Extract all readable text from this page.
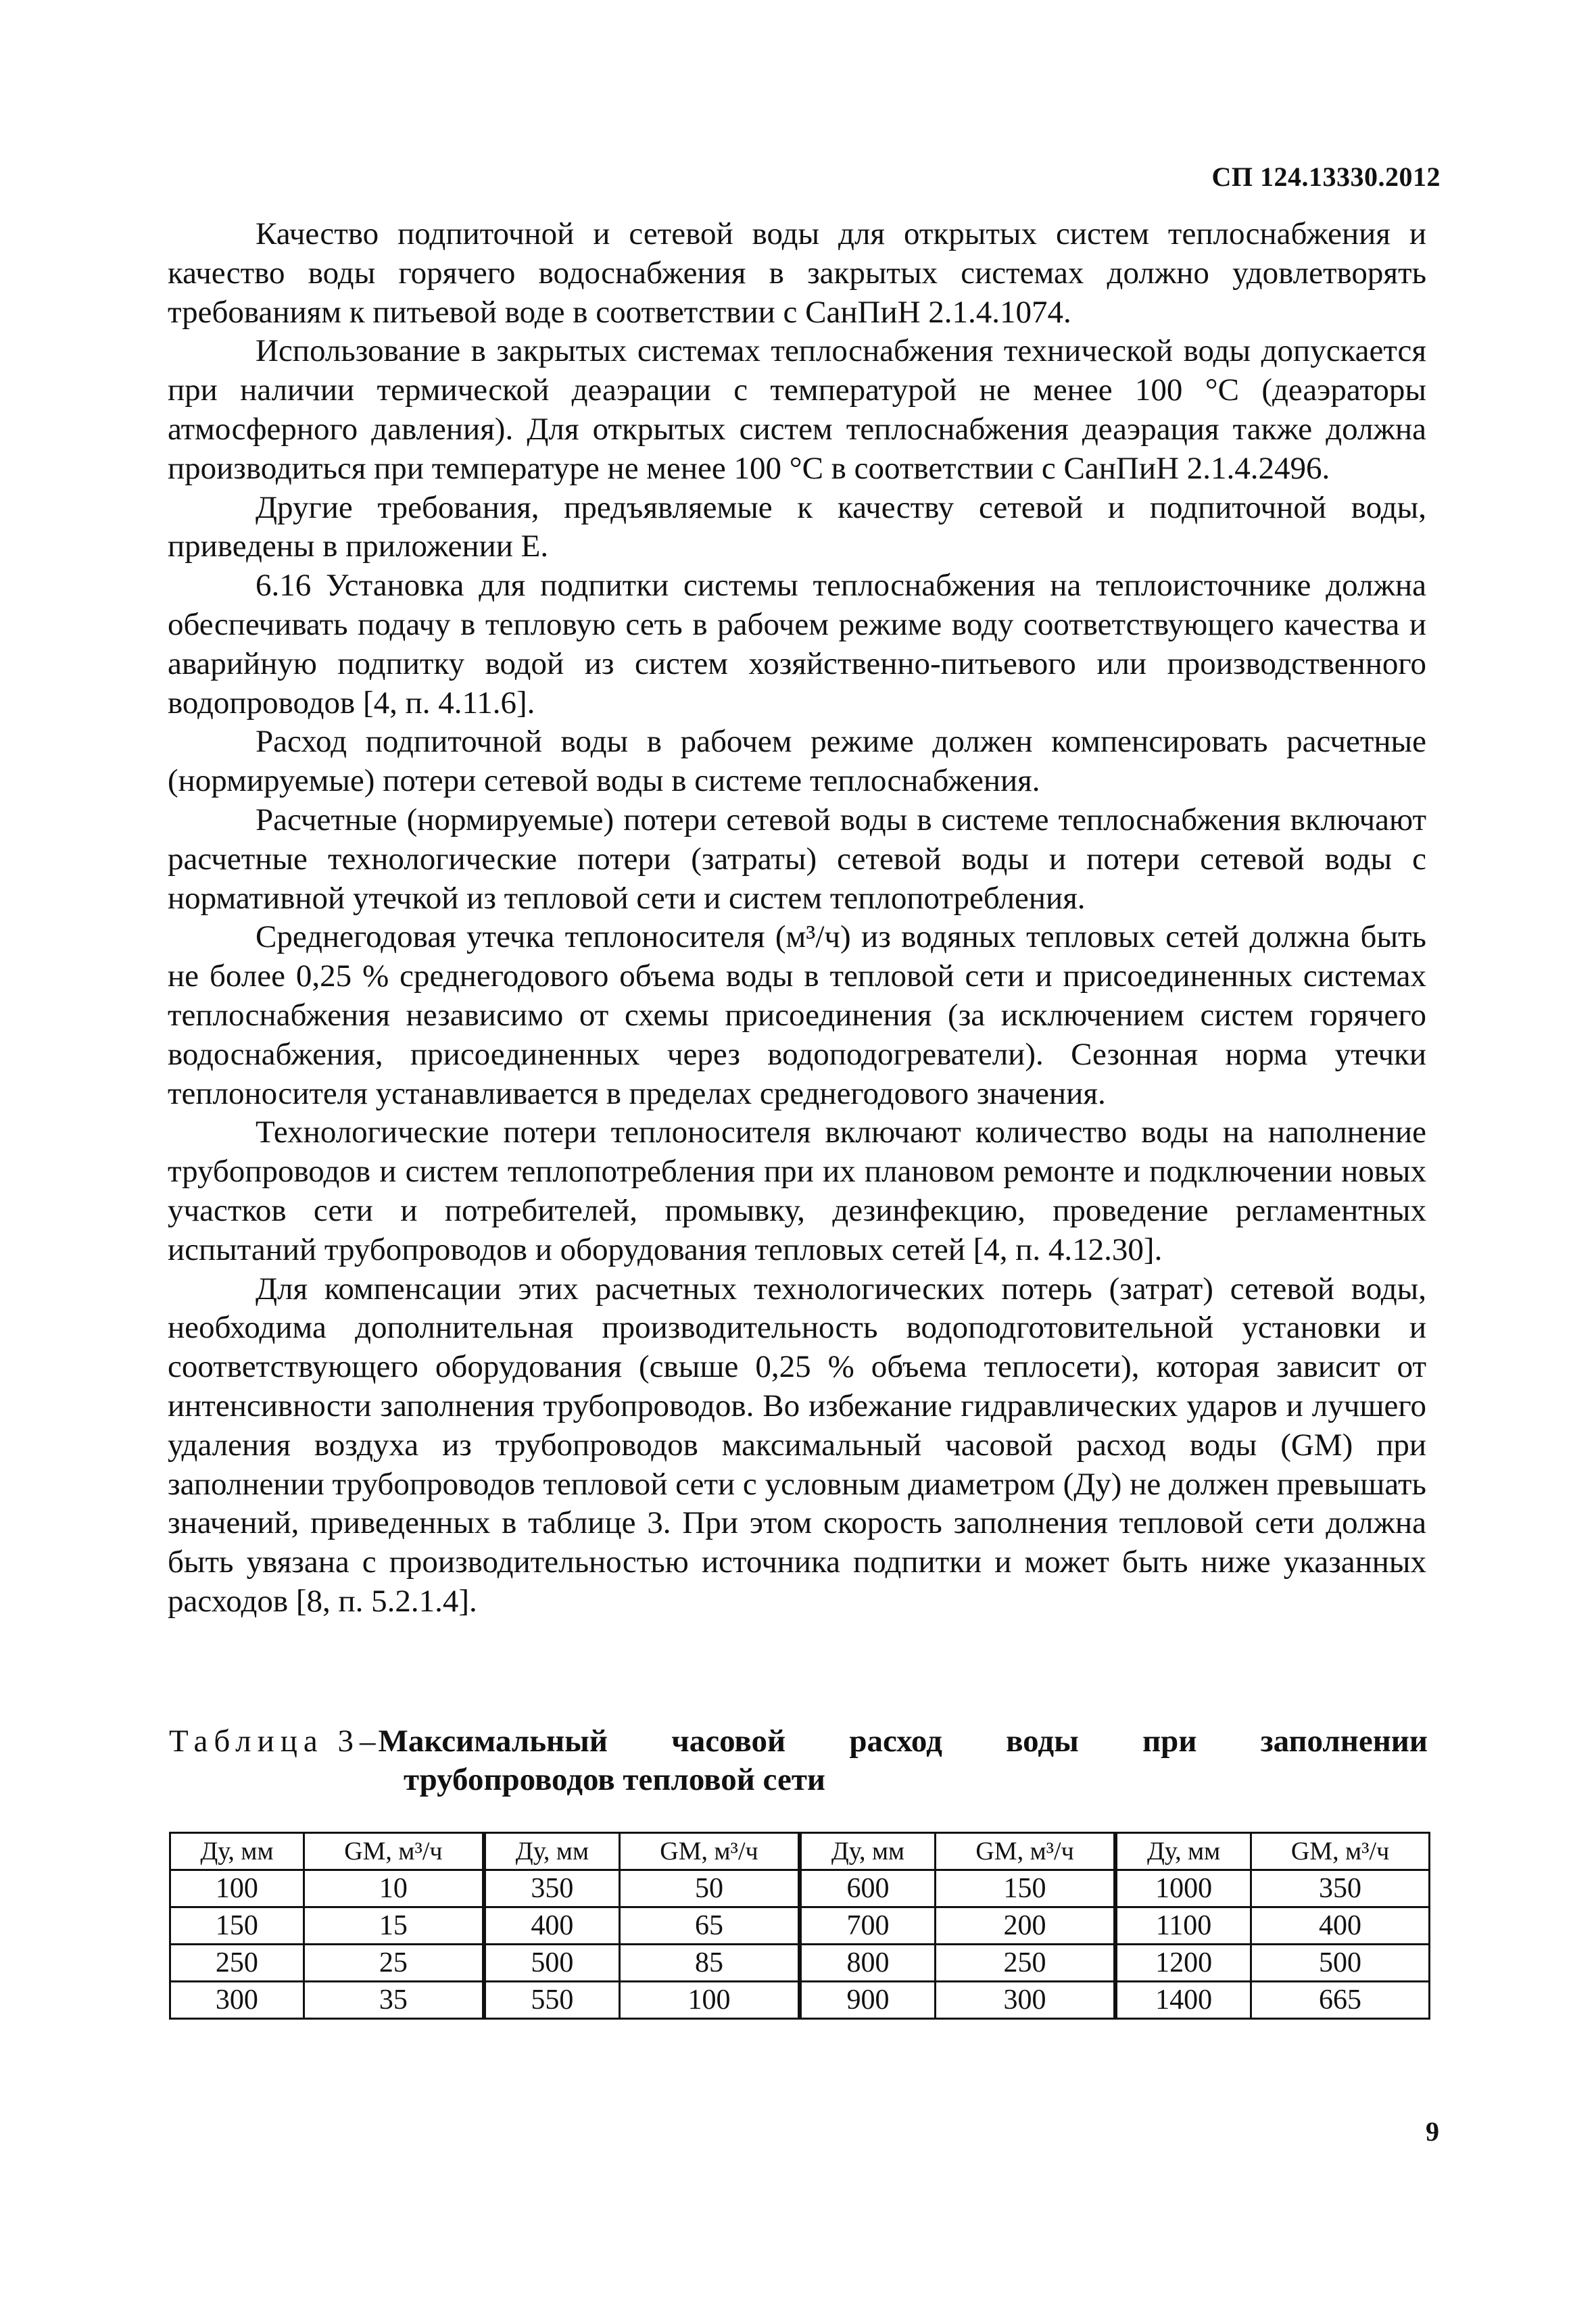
СП 124.13330.2012

Качество подпиточной и сетевой воды для открытых систем теплоснабжения и качество воды горячего водоснабжения в закрытых системах должно удовлетворять требованиям к питьевой воде в соответствии с СанПиН 2.1.4.1074.

Использование в закрытых системах теплоснабжения технической воды допускается при наличии термической деаэрации с температурой не менее 100 °С (деаэраторы атмосферного давления). Для открытых систем теплоснабжения деаэрация также должна производиться при температуре не менее 100 °С в соответствии с СанПиН 2.1.4.2496.

Другие требования, предъявляемые к качеству сетевой и подпиточной воды, приведены в приложении Е.

6.16 Установка для подпитки системы теплоснабжения на теплоисточнике должна обеспечивать подачу в тепловую сеть в рабочем режиме воду соответствующего качества и аварийную подпитку водой из систем хозяйственно-питьевого или производственного водопроводов [4, п. 4.11.6].

Расход подпиточной воды в рабочем режиме должен компенсировать расчетные (нормируемые) потери сетевой воды в системе теплоснабжения.

Расчетные (нормируемые) потери сетевой воды в системе теплоснабжения включают расчетные технологические потери (затраты) сетевой воды и потери сетевой воды с нормативной утечкой из тепловой сети и систем теплопотребления.

Среднегодовая утечка теплоносителя (м³/ч) из водяных тепловых сетей должна быть не более 0,25 % среднегодового объема воды в тепловой сети и присоединенных системах теплоснабжения независимо от схемы присоединения (за исключением систем горячего водоснабжения, присоединенных через водоподогреватели). Сезонная норма утечки теплоносителя устанавливается в пределах среднегодового значения.

Технологические потери теплоносителя включают количество воды на наполнение трубопроводов и систем теплопотребления при их плановом ремонте и подключении новых участков сети и потребителей, промывку, дезинфекцию, проведение регламентных испытаний трубопроводов и оборудования тепловых сетей [4, п. 4.12.30].

Для компенсации этих расчетных технологических потерь (затрат) сетевой воды, необходима дополнительная производительность водоподготовительной установки и соответствующего оборудования (свыше 0,25 % объема теплосети), которая зависит от интенсивности заполнения трубопроводов. Во избежание гидравлических ударов и лучшего удаления воздуха из трубопроводов максимальный часовой расход воды (GМ) при заполнении трубопроводов тепловой сети с условным диаметром (Ду) не должен превышать значений, приведенных в таблице 3. При этом скорость заполнения тепловой сети должна быть увязана с производительностью источника подпитки и может быть ниже указанных расходов [8, п. 5.2.1.4].

Таблица 3 – Максимальный часовой расход воды при заполнении
трубопроводов тепловой сети
Ду, мм	GМ, м³/ч	Ду, мм	GМ, м³/ч	Ду, мм	GМ, м³/ч	Ду, мм	GМ, м³/ч
100	10	350	50	600	150	1000	350
150	15	400	65	700	200	1100	400
250	25	500	85	800	250	1200	500
300	35	550	100	900	300	1400	665
9
